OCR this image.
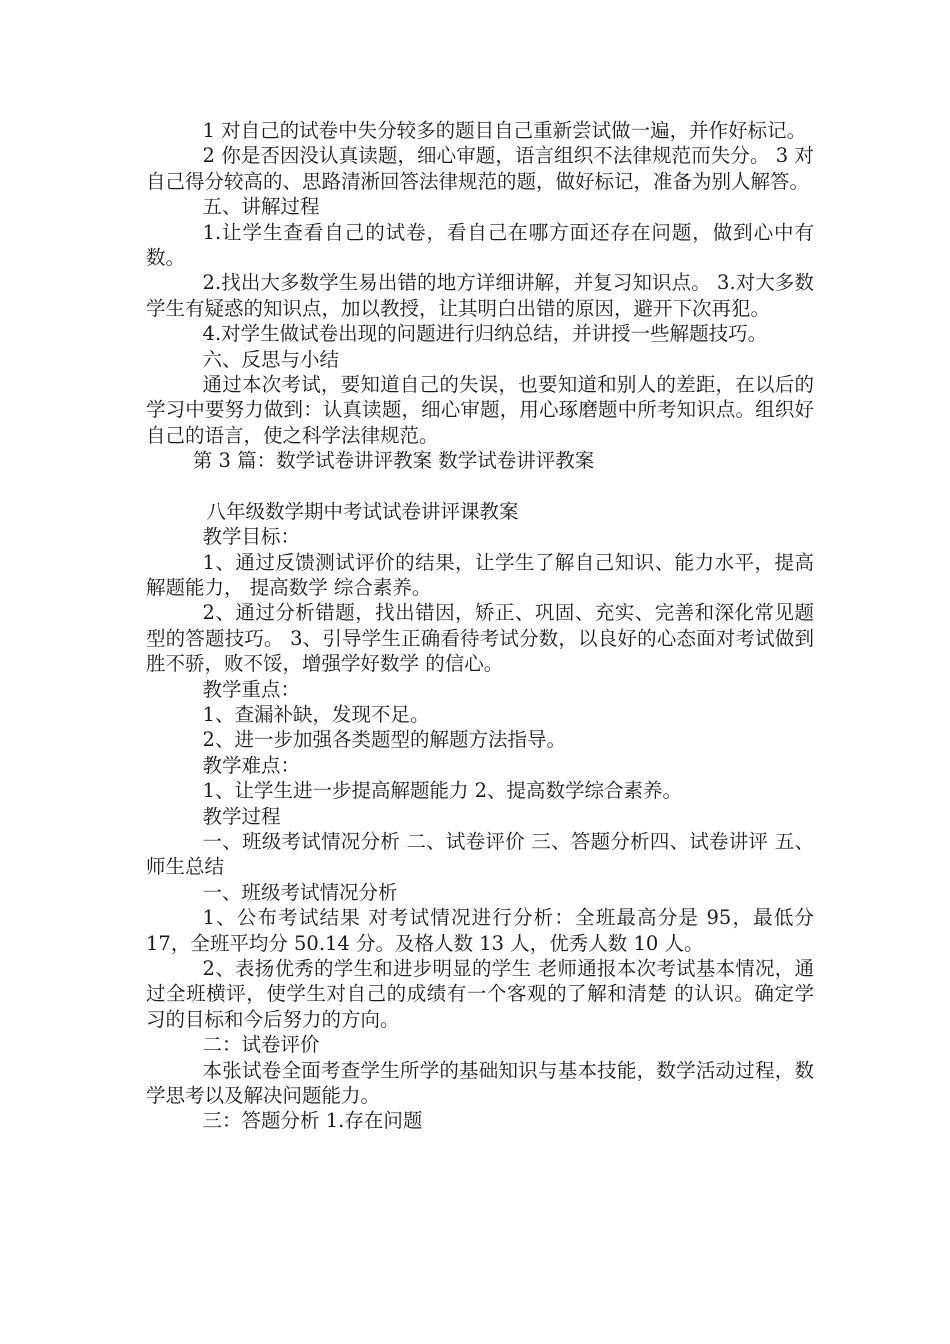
1 对自己的试卷中失分较多的题目自己重新尝试做一遍，并作好标记。

2 你是否因没认真读题，细心审题，语言组织不法律规范而失分。 3 对自己得分较高的、思路清淅回答法律规范的题，做好标记，准备为别人解答。

五、讲解过程

1.让学生查看自己的试卷，看自己在哪方面还存在问题，做到心中有数。

2.找出大多数学生易出错的地方详细讲解，并复习知识点。 3.对大多数学生有疑惑的知识点，加以教授，让其明白出错的原因，避开下次再犯。

4.对学生做试卷出现的问题进行归纳总结，并讲授一些解题技巧。

六、反思与小结

通过本次考试，要知道自己的失误，也要知道和别人的差距，在以后的学习中要努力做到：认真读题，细心审题，用心琢磨题中所考知识点。组织好自己的语言，使之科学法律规范。

第 3 篇：数学试卷讲评教案 数学试卷讲评教案

八年级数学期中考试试卷讲评课教案

教学目标：

1、通过反馈测试评价的结果，让学生了解自己知识、能力水平，提高解题能力， 提高数学 综合素养。

2、通过分析错题，找出错因，矫正、巩固、充实、完善和深化常见题型的答题技巧。 3、引导学生正确看待考试分数，以良好的心态面对考试做到胜不骄，败不馁，增强学好数学 的信心。

教学重点：

1、查漏补缺，发现不足。

2、进一步加强各类题型的解题方法指导。

教学难点：

1、让学生进一步提高解题能力 2、提高数学综合素养。

教学过程

一、班级考试情况分析 二、试卷评价 三、答题分析四、试卷讲评 五、师生总结

一、班级考试情况分析

1、公布考试结果 对考试情况进行分析：全班最高分是 95，最低分 17，全班平均分 50.14 分。及格人数 13 人，优秀人数 10 人。

2、表扬优秀的学生和进步明显的学生 老师通报本次考试基本情况，通过全班横评，使学生对自己的成绩有一个客观的了解和清楚 的认识。确定学习的目标和今后努力的方向。

二：试卷评价

本张试卷全面考查学生所学的基础知识与基本技能，数学活动过程，数学思考以及解决问题能力。

三：答题分析 1.存在问题
